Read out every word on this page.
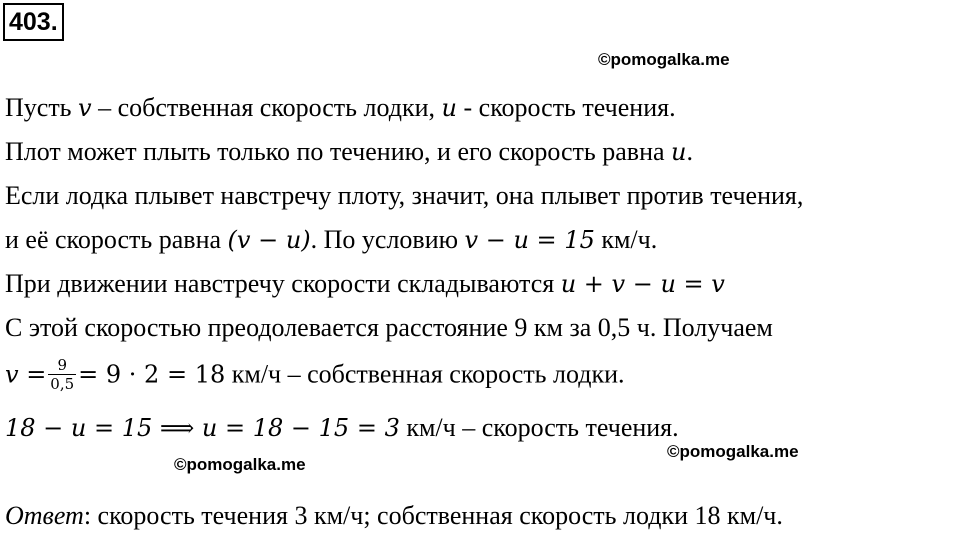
403.
©pomogalka.me
Пусть v – собственная скорость лодки, u - скорость течения.
Плот может плыть только по течению, и его скорость равна u.
Если лодка плывет навстречу плоту, значит, она плывет против течения,
и её скорость равна (v − u). По условию v − u = 15 км/ч.
При движении навстречу скорости складываются u + v − u = v
С этой скоростью преодолевается расстояние 9 км за 0,5 ч. Получаем
$v = \frac{9}{0,5} = 9 \cdot 2 = 18$ км/ч – собственная скорость лодки.
18 − u = 15 ⟹ u = 18 − 15 = 3 км/ч – скорость течения.
©pomogalka.me
©pomogalka.me
Ответ: скорость течения 3 км/ч; собственная скорость лодки 18 км/ч.
